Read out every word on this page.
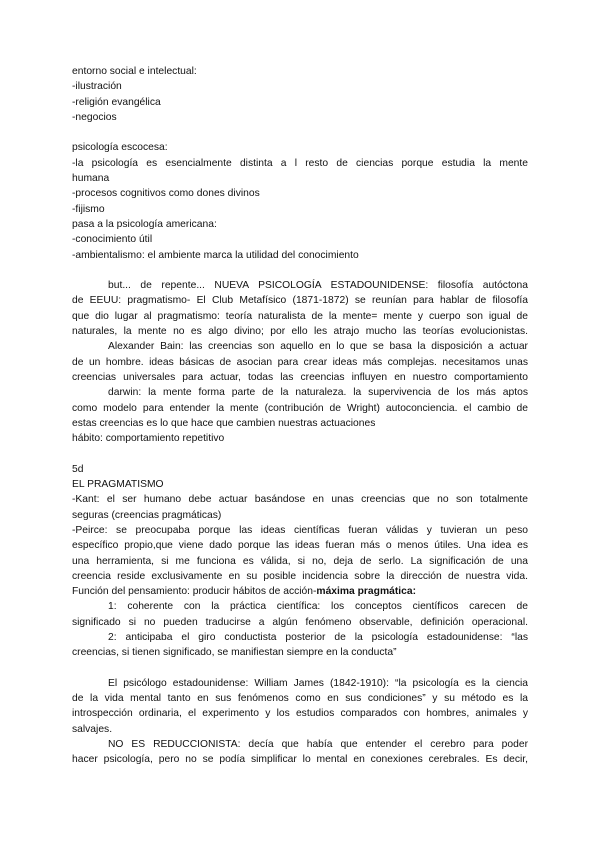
entorno social e intelectual:
-ilustración
-religión evangélica
-negocios
psicología escocesa:
-la psicología es esencialmente distinta a l resto de ciencias porque estudia la mente
humana
-procesos cognitivos como dones divinos
-fijismo
pasa a la psicología americana:
-conocimiento útil
-ambientalismo: el ambiente marca la utilidad del conocimiento
but... de repente... NUEVA PSICOLOGÍA ESTADOUNIDENSE: filosofía autóctona
de EEUU: pragmatismo- El Club Metafísico (1871-1872) se reunían para hablar de filosofía
que dio lugar al pragmatismo: teoría naturalista de la mente= mente y cuerpo son igual de
naturales, la mente no es algo divino; por ello les atrajo mucho las teorías evolucionistas.
Alexander Bain: las creencias son aquello en lo que se basa la disposición a actuar
de un hombre. ideas básicas de asocian para crear ideas más complejas. necesitamos unas
creencias universales para actuar, todas las creencias influyen en nuestro comportamiento
darwin: la mente forma parte de la naturaleza. la supervivencia de los más aptos
como modelo para entender la mente (contribución de Wright) autoconciencia. el cambio de
estas creencias es lo que hace que cambien nuestras actuaciones
hábito: comportamiento repetitivo
5d
EL PRAGMATISMO
-Kant: el ser humano debe actuar basándose en unas creencias que no son totalmente
seguras (creencias pragmáticas)
-Peirce: se preocupaba porque las ideas científicas fueran válidas y tuvieran un peso
específico propio,que viene dado porque las ideas fueran más o menos útiles. Una idea es
una herramienta, si me funciona es válida, si no, deja de serlo. La significación de una
creencia reside exclusivamente en su posible incidencia sobre la dirección de nuestra vida.
Función del pensamiento: producir hábitos de acción-máxima pragmática:
1: coherente con la práctica científica: los conceptos científicos carecen de
significado si no pueden traducirse a algún fenómeno observable, definición operacional.
2: anticipaba el giro conductista posterior de la psicología estadounidense: “las
creencias, si tienen significado, se manifiestan siempre en la conducta”
El psicólogo estadounidense: William James (1842-1910): “la psicología es la ciencia
de la vida mental tanto en sus fenómenos como en sus condiciones” y su método es la
introspección ordinaria, el experimento y los estudios comparados con hombres, animales y
salvajes.
NO ES REDUCCIONISTA: decía que había que entender el cerebro para poder
hacer psicología, pero no se podía simplificar lo mental en conexiones cerebrales. Es decir,
